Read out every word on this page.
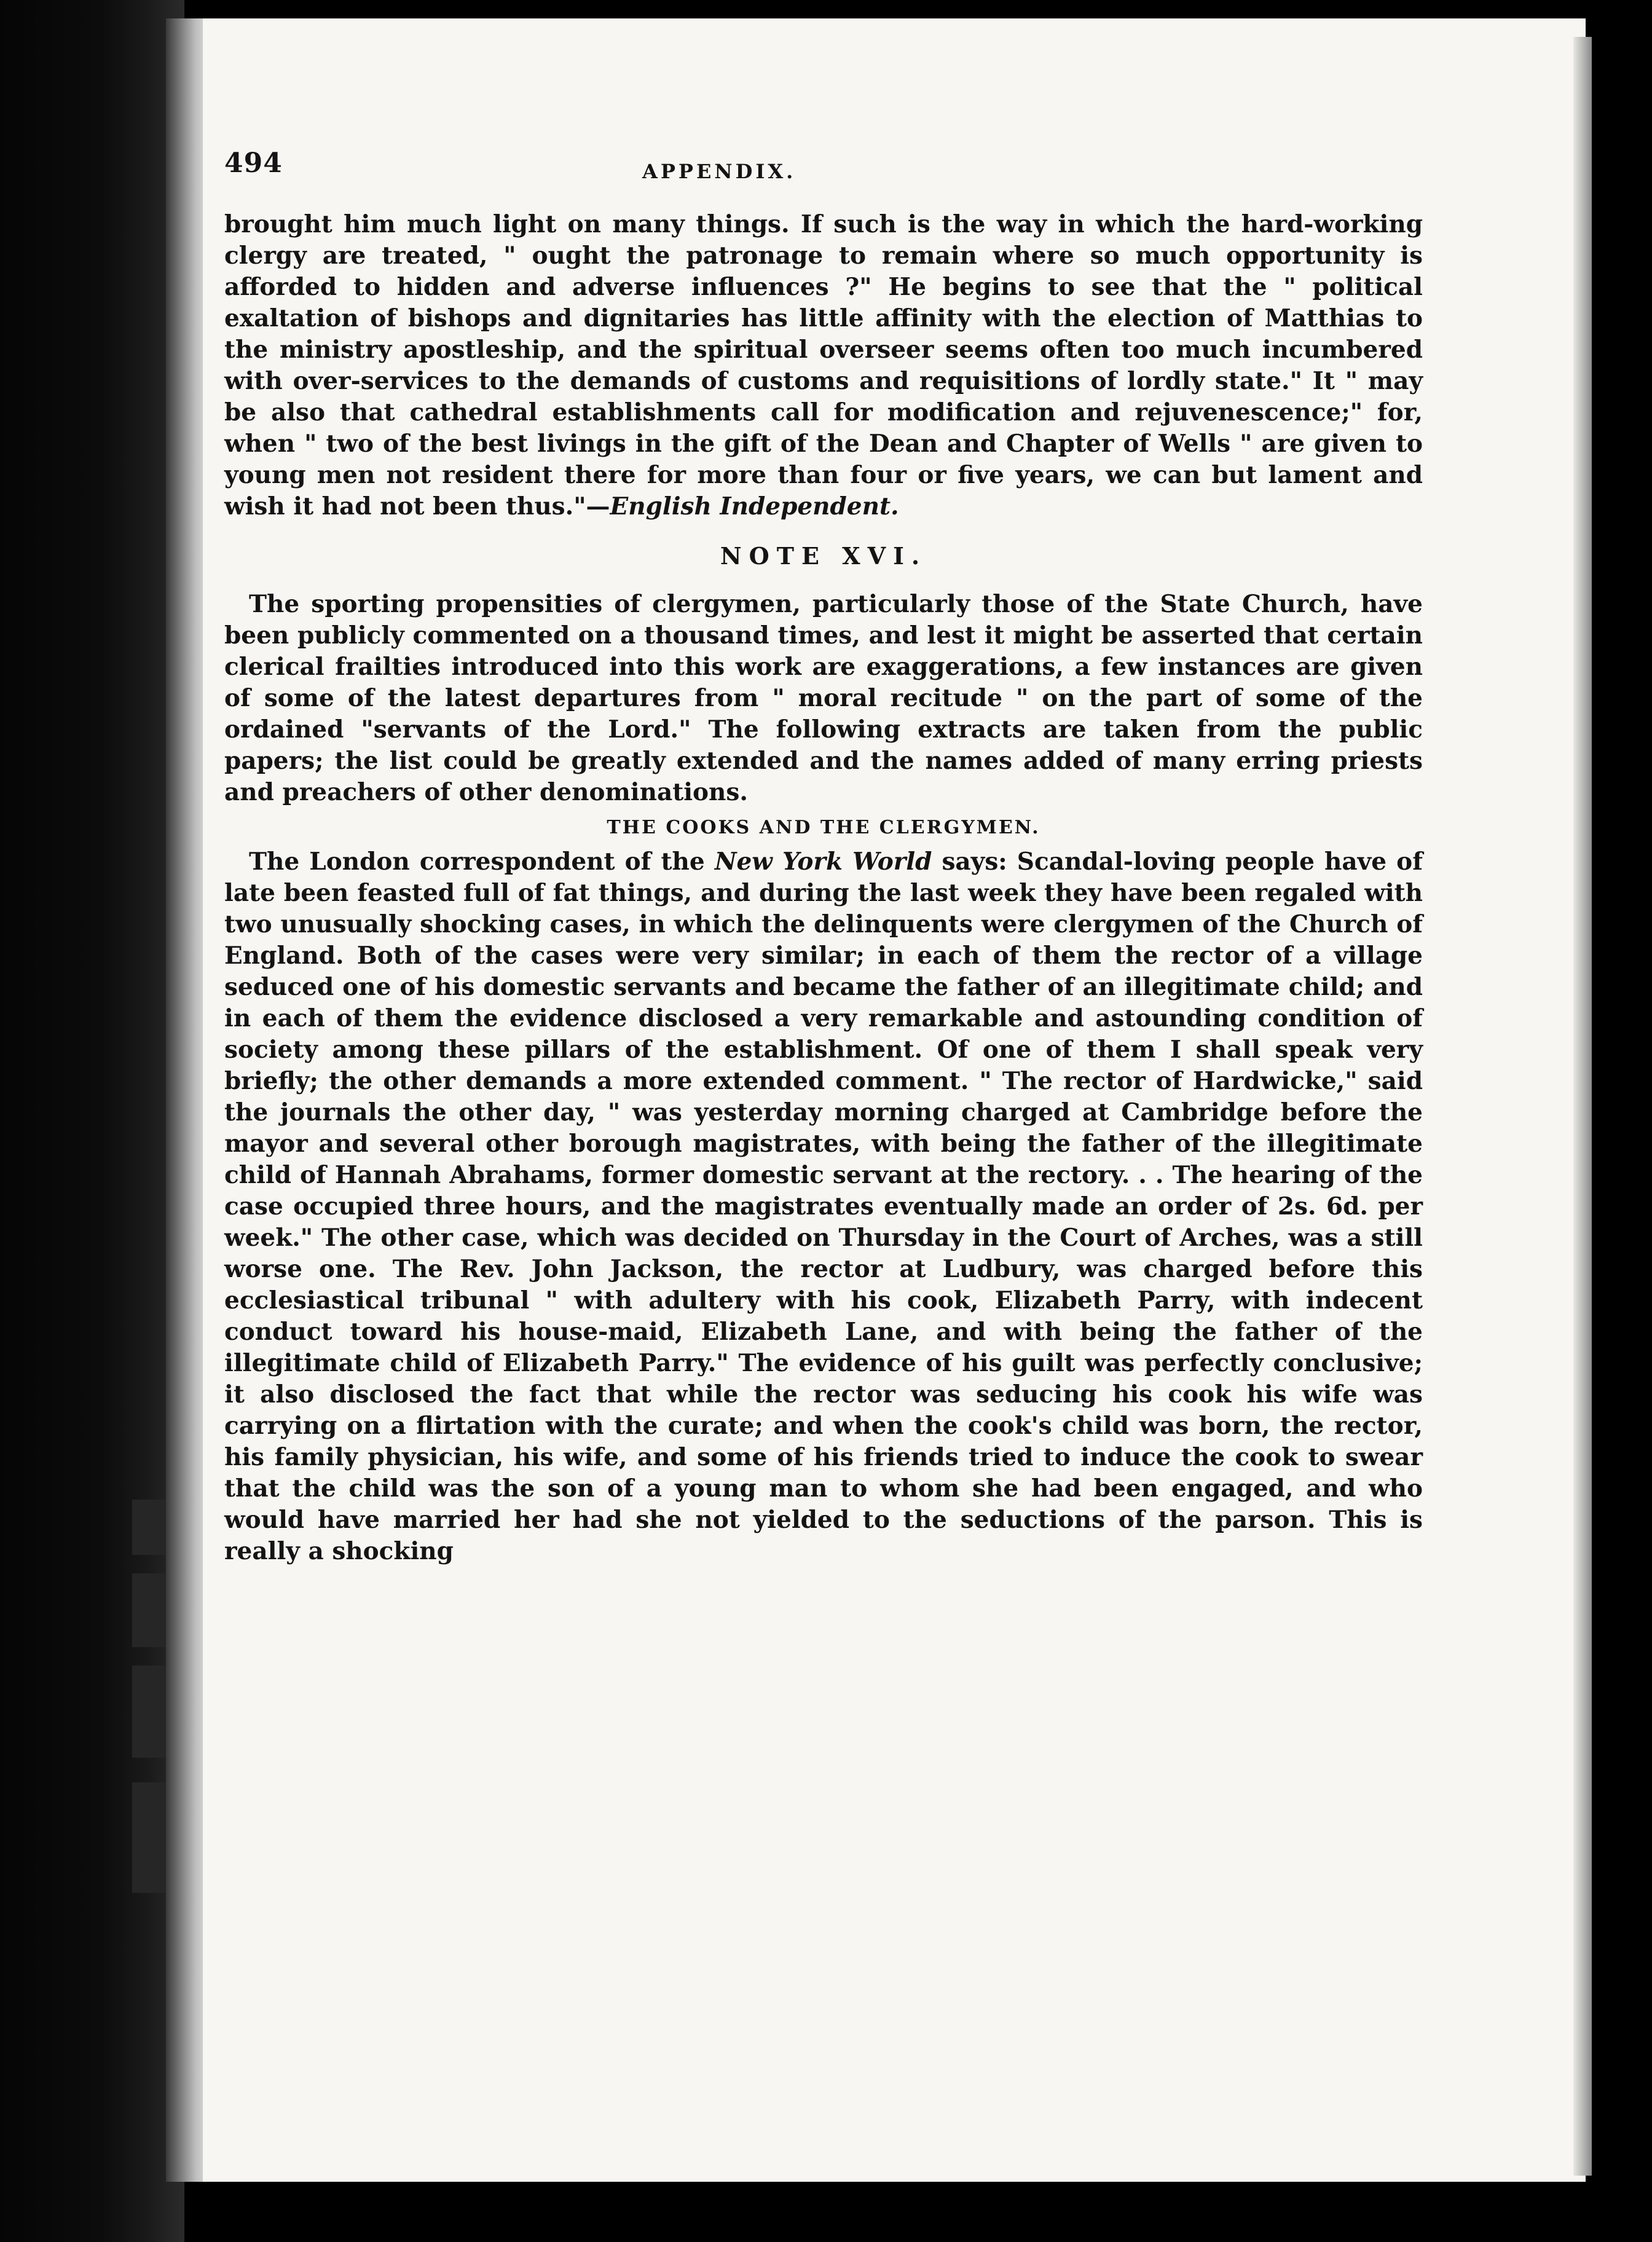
494	APPENDIX.

brought him much light on many things. If such is the way in which the hard-working clergy are treated, " ought the patronage to remain where so much opportunity is afforded to hidden and adverse influences ?" He begins to see that the " political exaltation of bishops and dignitaries has little affinity with the election of Matthias to the ministry apostleship, and the spiritual overseer seems often too much incumbered with over-services to the demands of customs and requisitions of lordly state." It " may be also that cathedral establishments call for modification and rejuvenescence;" for, when " two of the best livings in the gift of the Dean and Chapter of Wells " are given to young men not resident there for more than four or five years, we can but lament and wish it had not been thus."—English Independent.

NOTE XVI.

The sporting propensities of clergymen, particularly those of the State Church, have been publicly commented on a thousand times, and lest it might be asserted that certain clerical frailties introduced into this work are exaggerations, a few instances are given of some of the latest departures from " moral recitude " on the part of some of the ordained "servants of the Lord." The following extracts are taken from the public papers; the list could be greatly extended and the names added of many erring priests and preachers of other denominations.

THE COOKS AND THE CLERGYMEN.

The London correspondent of the New York World says: Scandal-loving people have of late been feasted full of fat things, and during the last week they have been regaled with two unusually shocking cases, in which the delinquents were clergymen of the Church of England. Both of the cases were very similar; in each of them the rector of a village seduced one of his domestic servants and became the father of an illegitimate child; and in each of them the evidence disclosed a very remarkable and astounding condition of society among these pillars of the establishment. Of one of them I shall speak very briefly; the other demands a more extended comment. " The rector of Hardwicke," said the journals the other day, " was yesterday morning charged at Cambridge before the mayor and several other borough magistrates, with being the father of the illegitimate child of Hannah Abrahams, former domestic servant at the rectory. . . The hearing of the case occupied three hours, and the magistrates eventually made an order of 2s. 6d. per week." The other case, which was decided on Thursday in the Court of Arches, was a still worse one. The Rev. John Jackson, the rector at Ludbury, was charged before this ecclesiastical tribunal " with adultery with his cook, Elizabeth Parry, with indecent conduct toward his house-maid, Elizabeth Lane, and with being the father of the illegitimate child of Elizabeth Parry." The evidence of his guilt was perfectly conclusive; it also disclosed the fact that while the rector was seducing his cook his wife was carrying on a flirtation with the curate; and when the cook's child was born, the rector, his family physician, his wife, and some of his friends tried to induce the cook to swear that the child was the son of a young man to whom she had been engaged, and who would have married her had she not yielded to the seductions of the parson. This is really a shocking
